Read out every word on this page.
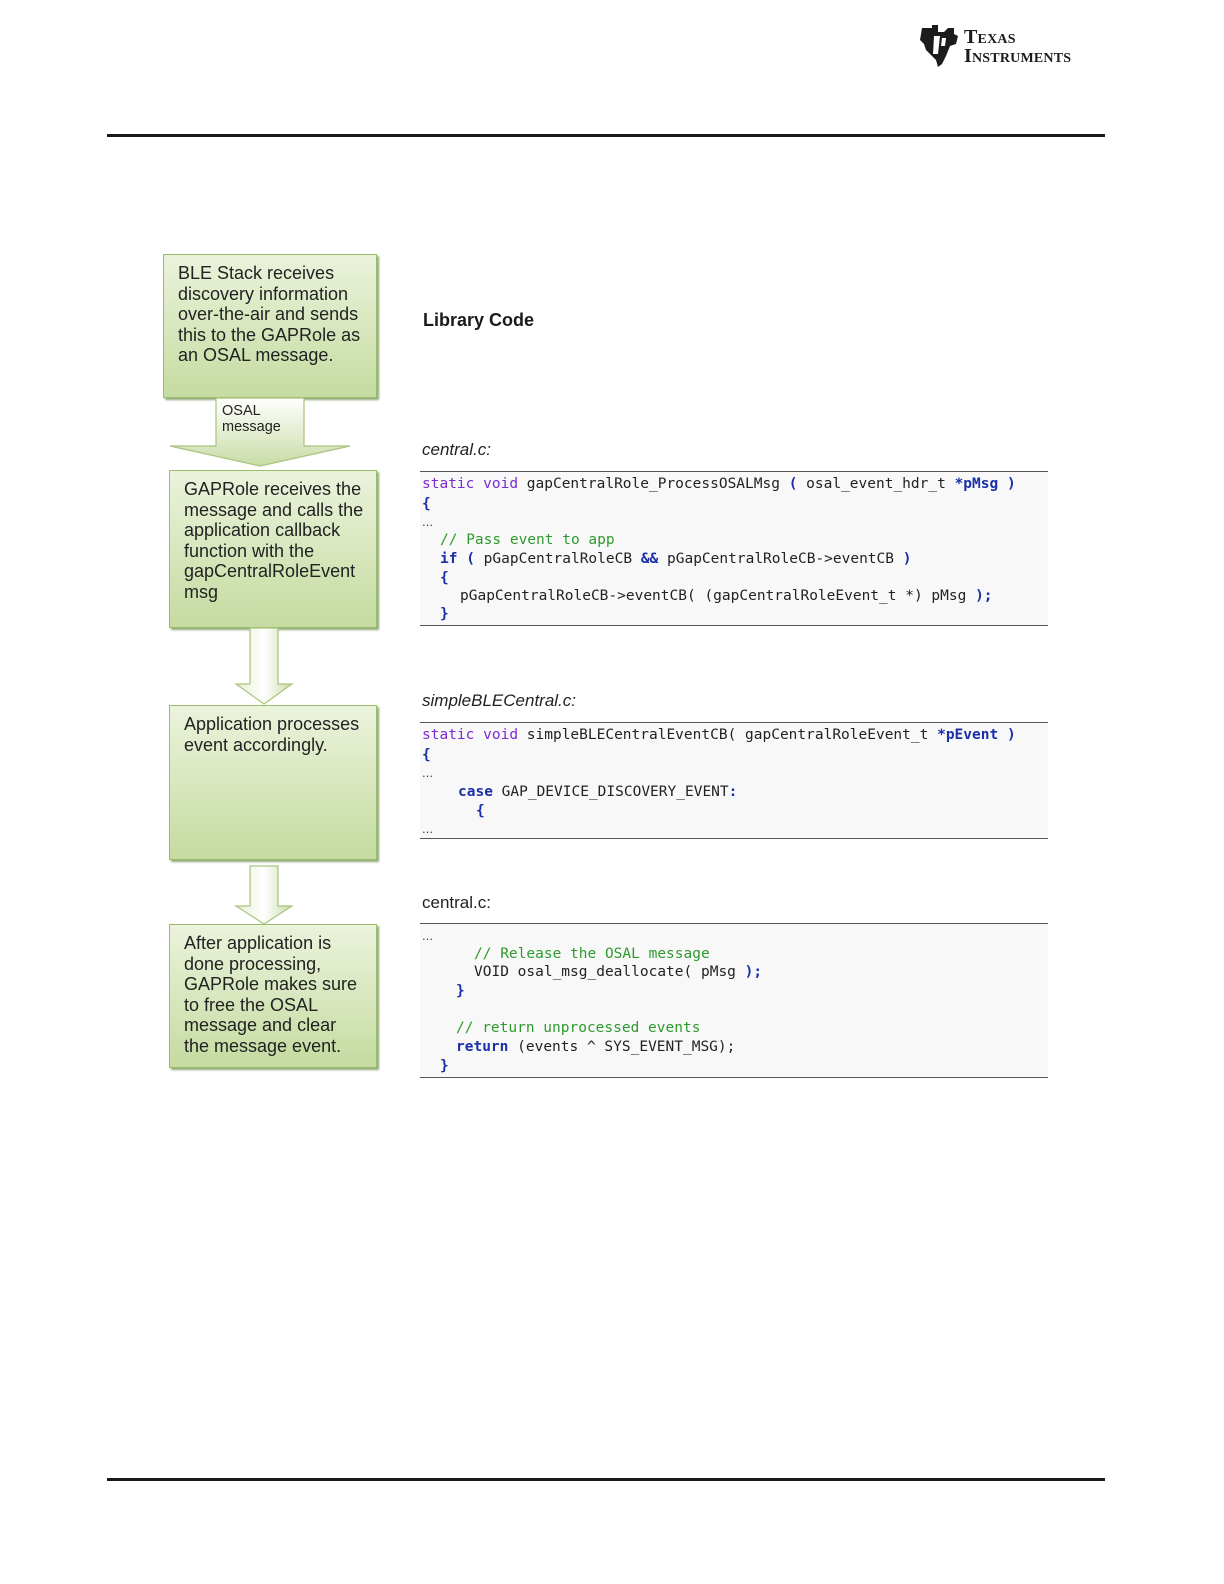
Texas
Instruments
BLE Stack receives discovery information over-the-air and sends this to the GAPRole as an OSAL message.
OSAL
message
GAPRole receives the message and calls the application callback function with the gapCentralRoleEvent msg
Application processes event accordingly.
After application is done processing, GAPRole makes sure to free the OSAL message and clear the message event.
Library Code
central.c:
static void gapCentralRole_ProcessOSALMsg ( osal_event_hdr_t *pMsg )
{
…
// Pass event to app
if ( pGapCentralRoleCB && pGapCentralRoleCB->eventCB )
{
pGapCentralRoleCB->eventCB( (gapCentralRoleEvent_t *) pMsg );
}
simpleBLECentral.c:
static void simpleBLECentralEventCB( gapCentralRoleEvent_t *pEvent )
{
…
case GAP_DEVICE_DISCOVERY_EVENT:
{
…
central.c:
…
// Release the OSAL message
VOID osal_msg_deallocate( pMsg );
}
// return unprocessed events
return (events ^ SYS_EVENT_MSG);
}
